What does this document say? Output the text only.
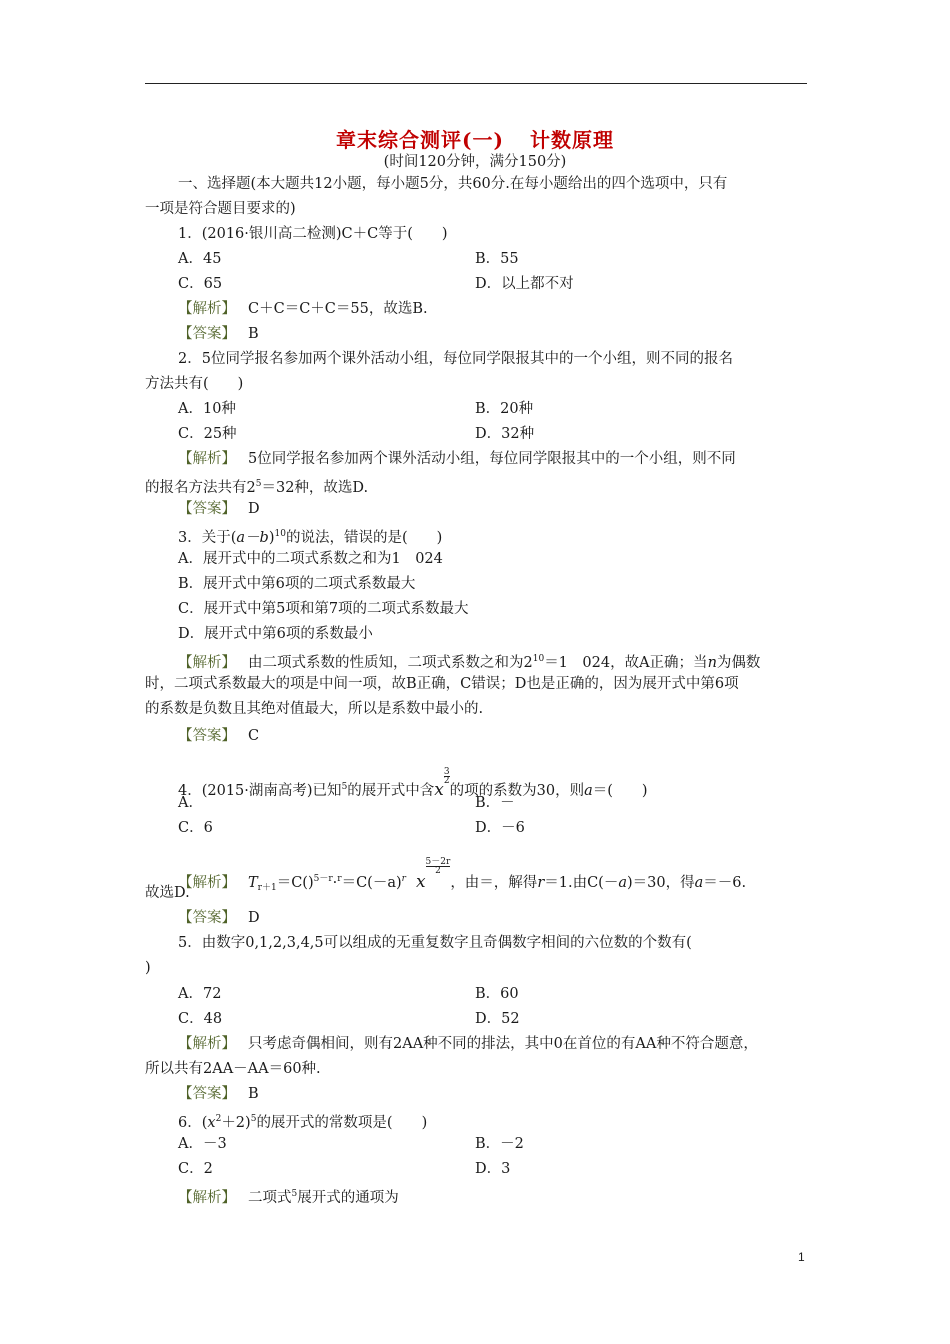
章末综合测评(一) 计数原理
(时间120分钟，满分150分)
一、选择题(本大题共12小题，每小题5分，共60分.在每小题给出的四个选项中，只有
一项是符合题目要求的)
1．(2016·银川高二检测)C＋C等于(　　)
A．45	B．55
C．65	D．以上都不对
【解析】 C＋C＝C＋C＝55，故选B.
【答案】 B
2．5位同学报名参加两个课外活动小组，每位同学限报其中的一个小组，则不同的报名
方法共有(　　)
A．10种	B．20种
C．25种	D．32种
【解析】 5位同学报名参加两个课外活动小组，每位同学限报其中的一个小组，则不同
的报名方法共有$2^5=32$种，故选D.
【答案】 D
3．关于$(a-b)^{10}$的说法，错误的是(　　)
A．展开式中的二项式系数之和为1　024
B．展开式中第6项的二项式系数最大
C．展开式中第5项和第7项的二项式系数最大
D．展开式中第6项的系数最小
【解析】 由二项式系数的性质知，二项式系数之和为$2^{10}=1$　024，故A正确；当n为偶数
时，二项式系数最大的项是中间一项，故B正确，C错误；D也是正确的，因为展开式中第6项
的系数是负数且其绝对值最大，所以是系数中最小的.
【答案】 C
4．(2015·湖南高考)已知$^5$的展开式中含x
$\frac{3}{2}$
的项的系数为30，则a＝(　　)
A．	B．－
C．6	D．－6
【解析】 $T_{r+1}=C()^{5-r}\cdot^r=C(-a)^r$ x
$\frac{5-2r}{2}$
，由＝，解得r＝1.由C(－a)＝30，得a＝－6.
故选D.
【答案】 D
5．由数字0,1,2,3,4,5可以组成的无重复数字且奇偶数字相间的六位数的个数有(
)
A．72	B．60
C．48	D．52
【解析】 只考虑奇偶相间，则有2AA种不同的排法，其中0在首位的有AA种不符合题意，
所以共有2AA－AA＝60种.
【答案】 B
6．$(x^2+2)^5$的展开式的常数项是(　　)
A．－3	B．－2
C．2	D．3
【解析】 二项式$^5$展开式的通项为
1
